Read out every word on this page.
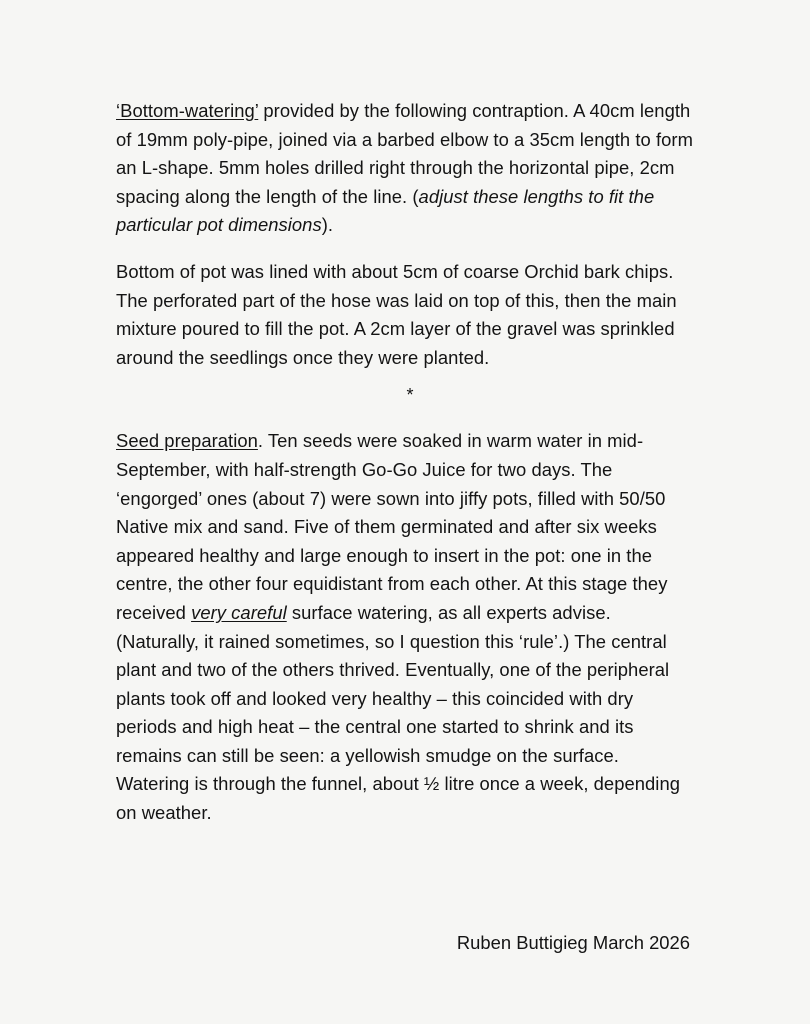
‘Bottom-watering’ provided by the following contraption. A 40cm length of 19mm poly-pipe, joined via a barbed elbow to a 35cm length to form an L-shape. 5mm holes drilled right through the horizontal pipe, 2cm spacing along the length of the line. (adjust these lengths to fit the particular pot dimensions).

Bottom of pot was lined with about 5cm of coarse Orchid bark chips. The perforated part of the hose was laid on top of this, then the main mixture poured to fill the pot. A 2cm layer of the gravel was sprinkled around the seedlings once they were planted.

*

Seed preparation. Ten seeds were soaked in warm water in mid-September, with half-strength Go-Go Juice for two days. The ‘engorged’ ones (about 7) were sown into jiffy pots, filled with 50/50 Native mix and sand. Five of them germinated and after six weeks appeared healthy and large enough to insert in the pot: one in the centre, the other four equidistant from each other. At this stage they received very careful surface watering, as all experts advise. (Naturally, it rained sometimes, so I question this ‘rule’.) The central plant and two of the others thrived. Eventually, one of the peripheral plants took off and looked very healthy – this coincided with dry periods and high heat – the central one started to shrink and its remains can still be seen: a yellowish smudge on the surface. Watering is through the funnel, about ½ litre once a week, depending on weather.

Ruben Buttigieg March 2026
